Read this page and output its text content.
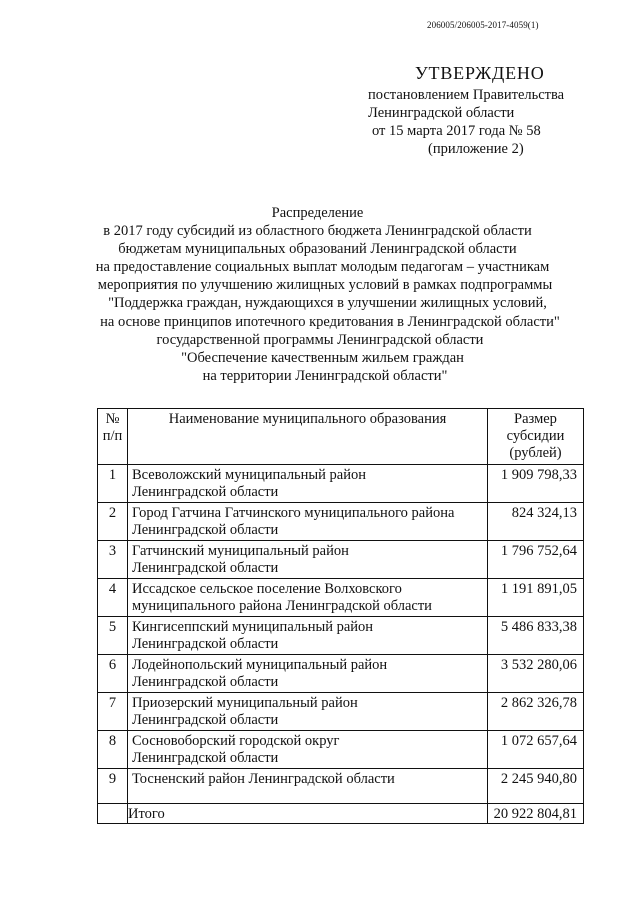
206005/206005-2017-4059(1)
УТВЕРЖДЕНО
постановлением Правительства
Ленинградской области
от 15 марта 2017 года № 58
(приложение 2)
Распределение
в 2017 году субсидий из областного бюджета Ленинградской области
бюджетам муниципальных образований Ленинградской области
на предоставление социальных выплат молодым педагогам – участникам
мероприятия по улучшению жилищных условий в рамках подпрограммы
"Поддержка граждан, нуждающихся в улучшении жилищных условий,
на основе принципов ипотечного кредитования в Ленинградской области"
государственной программы Ленинградской области
"Обеспечение качественным жильем граждан
на территории Ленинградской области"
№
п/п	Наименование муниципального образования	Размер
субсидии
(рублей)

1	Всеволожский муниципальный район
Ленинградской области	1 909 798,33

2	Город Гатчина Гатчинского муниципального района
Ленинградской области	824 324,13

3	Гатчинский муниципальный район
Ленинградской области	1 796 752,64

4	Иссадское сельское поселение Волховского
муниципального района Ленинградской области	1 191 891,05

5	Кингисеппский муниципальный район
Ленинградской области	5 486 833,38

6	Лодейнопольский муниципальный район
Ленинградской области	3 532 280,06

7	Приозерский муниципальный район
Ленинградской области	2 862 326,78

8	Сосновоборский городской округ
Ленинградской области	1 072 657,64

9	Тосненский район Ленинградской области	2 245 940,80

	Итого	20 922 804,81
